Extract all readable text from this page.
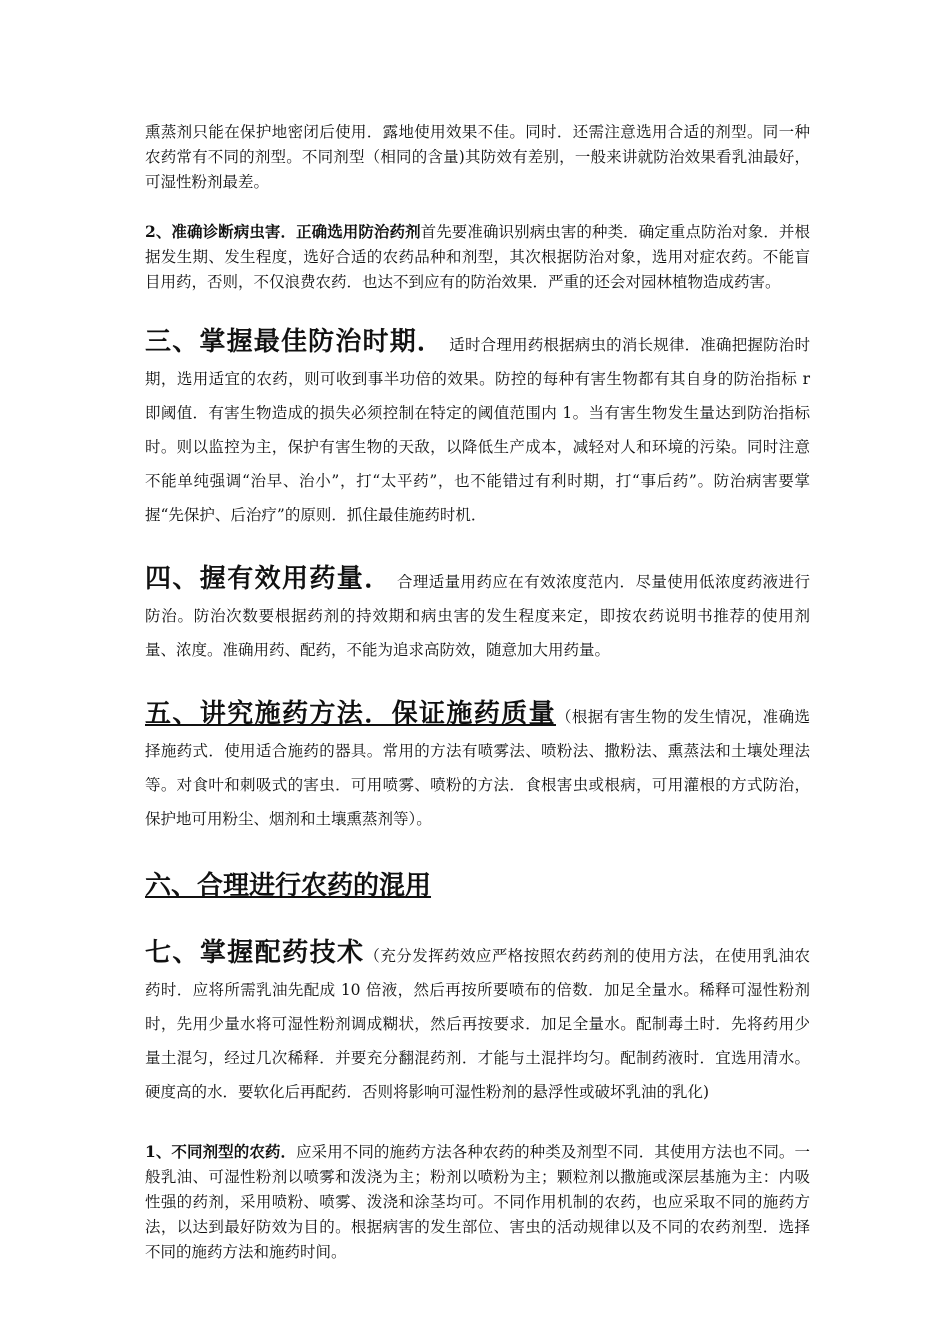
熏蒸剂只能在保护地密闭后使用．露地使用效果不佳。同时．还需注意选用合适的剂型。同一种农药常有不同的剂型。不同剂型（相同的含量)其防效有差别，一般来讲就防治效果看乳油最好，可湿性粉剂最差。

2、准确诊断病虫害．正确选用防治药剂首先要准确识别病虫害的种类．确定重点防治对象．并根据发生期、发生程度，选好合适的农药品种和剂型，其次根据防治对象，选用对症农药。不能盲目用药，否则，不仅浪费农药．也达不到应有的防治效果．严重的还会对园林植物造成药害。

三、掌握最佳防治时期． 适时合理用药根据病虫的消长规律．准确把握防治时期，选用适宜的农药，则可收到事半功倍的效果。防控的每种有害生物都有其自身的防治指标 r 即阈值．有害生物造成的损失必须控制在特定的阈值范围内 1。当有害生物发生量达到防治指标时。则以监控为主，保护有害生物的天敌，以降低生产成本，减轻对人和环境的污染。同时注意不能单纯强调“治早、治小”，打“太平药”，也不能错过有利时期，打“事后药”。防治病害要掌握“先保护、后治疗”的原则．抓住最佳施药时机．

四、握有效用药量． 合理适量用药应在有效浓度范内．尽量使用低浓度药液进行防治。防治次数要根据药剂的持效期和病虫害的发生程度来定，即按农药说明书推荐的使用剂量、浓度。准确用药、配药，不能为追求高防效，随意加大用药量。

五、讲究施药方法．保证施药质量（根据有害生物的发生情况，准确选择施药式．使用适合施药的器具。常用的方法有喷雾法、喷粉法、撒粉法、熏蒸法和土壤处理法等。对食叶和刺吸式的害虫．可用喷雾、喷粉的方法．食根害虫或根病，可用灌根的方式防治，保护地可用粉尘、烟剂和土壤熏蒸剂等）。

六、合理进行农药的混用

七、掌握配药技术（充分发挥药效应严格按照农药药剂的使用方法，在使用乳油农药时．应将所需乳油先配成 10 倍液，然后再按所要喷布的倍数．加足全量水。稀释可湿性粉剂时，先用少量水将可湿性粉剂调成糊状，然后再按要求．加足全量水。配制毒土时．先将药用少量土混匀，经过几次稀释．并要充分翻混药剂．才能与土混拌均匀。配制药液时．宜选用清水。硬度高的水．要软化后再配药．否则将影响可湿性粉剂的悬浮性或破坏乳油的乳化)

1、不同剂型的农药．应采用不同的施药方法各种农药的种类及剂型不同．其使用方法也不同。一般乳油、可湿性粉剂以喷雾和泼浇为主；粉剂以喷粉为主；颗粒剂以撒施或深层基施为主：内吸性强的药剂，采用喷粉、喷雾、泼浇和涂茎均可。不同作用机制的农药，也应采取不同的施药方法，以达到最好防效为目的。根据病害的发生部位、害虫的活动规律以及不同的农药剂型．选择不同的施药方法和施药时间。
